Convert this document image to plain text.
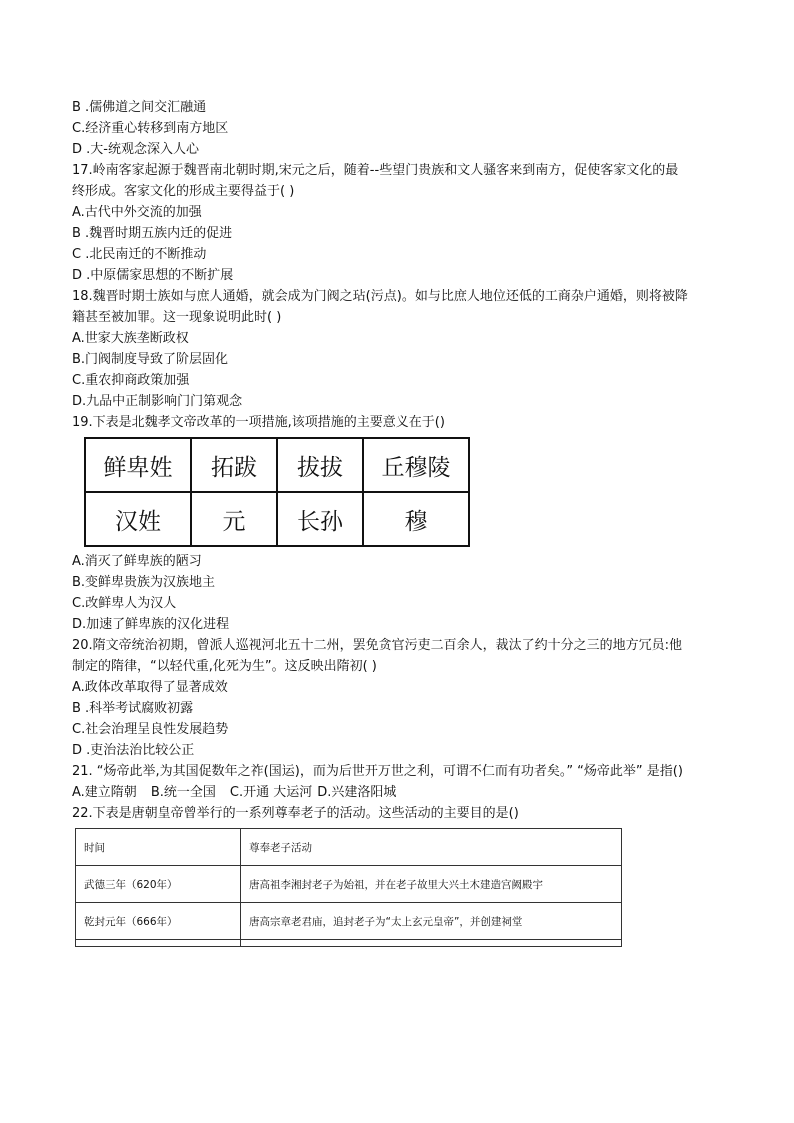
B .儒佛道之间交汇融通
C.经济重心转移到南方地区
D .大-统观念深入人心
17.岭南客家起源于魏晋南北朝时期,宋元之后，随着--些望门贵族和文人骚客来到南方，促使客家文化的最
终形成。客家文化的形成主要得益于( )
A.古代中外交流的加强
B .魏晋时期五族内迁的促进
C .北民南迁的不断推动
D .中原儒家思想的不断扩展
18.魏晋时期士族如与庶人通婚，就会成为门阀之玷(污点)。如与比庶人地位还低的工商杂户通婚，则将被降
籍甚至被加罪。这一现象说明此时( )
A.世家大族垄断政权
B.门阀制度导致了阶层固化
C.重农抑商政策加强
D.九品中正制影响门门第观念
19.下表是北魏孝文帝改革的一项措施,该项措施的主要意义在于()
鲜卑姓	拓跋	拔拔	丘穆陵
汉姓	元	长孙	穆
A.消灭了鲜卑族的陋习
B.变鲜卑贵族为汉族地主
C.改鲜卑人为汉人
D.加速了鲜卑族的汉化进程
20.隋文帝统治初期，曾派人巡视河北五十二州，罢免贪官污吏二百余人，裁汰了约十分之三的地方冗员:他
制定的隋律，“以轻代重,化死为生”。这反映出隋初( )
A.政体改革取得了显著成效
B .科举考试腐败初露
C.社会治理呈良性发展趋势
D .吏治法治比较公正
21. “炀帝此举,为其国促数年之祚(国运)，而为后世开万世之利，可谓不仁而有功者矣。” “炀帝此举” 是指()
A.建立隋朝 B.统一全国 C.开通 大运河 D.兴建洛阳城
22.下表是唐朝皇帝曾举行的一系列尊奉老子的活动。这些活动的主要目的是()
时间	尊奉老子活动
武德三年（620年）	唐高祖李湘封老子为始祖，并在老子故里大兴土木建造宫阙殿宇
乾封元年（666年）	唐高宗章老君庙，追封老子为“太上玄元皇帝”，并创建祠堂
